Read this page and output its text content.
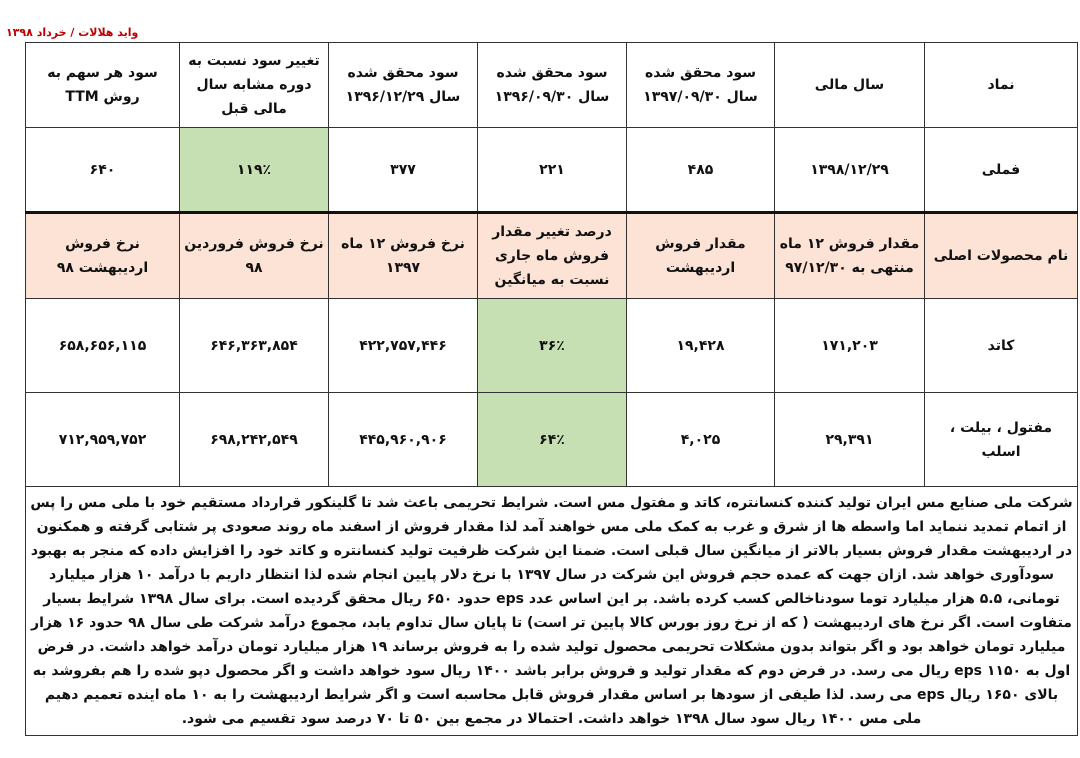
واید هلالات / خرداد ۱۳۹۸
نماد	سال مالی	سود محقق شده سال ۱۳۹۷/۰۹/۳۰	سود محقق شده سال ۱۳۹۶/۰۹/۳۰	سود محقق شده سال ۱۳۹۶/۱۲/۲۹	تغییر سود نسبت به دوره مشابه سال مالی قبل	سود هر سهم به روش TTM
فملی	۱۳۹۸/۱۲/۲۹	۴۸۵	۲۲۱	۳۷۷	۱۱۹٪	۶۴۰
نام محصولات اصلی	مقدار فروش ۱۲ ماه منتهی به ۹۷/۱۲/۳۰	مقدار فروش اردیبهشت	درصد تغییر مقدار فروش ماه جاری نسبت به میانگین	نرخ فروش ۱۲ ماه ۱۳۹۷	نرخ فروش فروردین ۹۸	نرخ فروش اردیبهشت ۹۸
کاتد	۱۷۱,۲۰۳	۱۹,۴۲۸	۳۶٪	۴۲۲,۷۵۷,۴۴۶	۶۴۶,۳۶۳,۸۵۴	۶۵۸,۶۵۶,۱۱۵
مفتول ، بیلت ، اسلب	۲۹,۳۹۱	۴,۰۲۵	۶۴٪	۴۴۵,۹۶۰,۹۰۶	۶۹۸,۲۴۲,۵۴۹	۷۱۲,۹۵۹,۷۵۲
شرکت ملی صنایع مس ایران تولید کننده کنسانتره، کاتد و مفتول مس است. شرایط تحریمی باعث شد تا گلینکور قرارداد مستقیم خود با ملی مس را پس از اتمام تمدید ننماید اما واسطه ها از شرق و غرب به کمک ملی مس خواهند آمد لذا مقدار فروش از اسفند ماه روند صعودی پر شتابی گرفته و همکنون در اردیبهشت مقدار فروش بسیار بالاتر از میانگین سال قبلی است. ضمنا این شرکت ظرفیت تولید کنسانتره و کاتد خود را افزایش داده که منجر به بهبود سودآوری خواهد شد. ازان جهت که عمده حجم فروش این شرکت در سال ۱۳۹۷ با نرخ دلار پایین انجام شده لذا انتظار داریم با درآمد ۱۰ هزار میلیارد تومانی، ۵.۵ هزار میلیارد توما سودناخالص کسب کرده باشد. بر این اساس عدد eps حدود ۶۵۰ ریال محقق گردیده است. برای سال ۱۳۹۸ شرایط بسیار متفاوت است. اگر نرخ های اردیبهشت ( که از نرخ روز بورس کالا پایین تر است) تا پایان سال تداوم یابد، مجموع درآمد شرکت طی سال ۹۸ حدود ۱۶ هزار میلیارد تومان خواهد بود و اگر بتواند بدون مشکلات تحریمی محصول تولید شده را به فروش برساند ۱۹ هزار میلیارد تومان درآمد خواهد داشت. در فرض اول به ۱۱۵۰ eps ریال می رسد. در فرض دوم که مقدار تولید و فروش برابر باشد ۱۴۰۰ ریال سود خواهد داشت و اگر محصول دپو شده را هم بفروشد به بالای ۱۶۵۰ ریال eps می رسد. لذا طیفی از سودها بر اساس مقدار فروش قابل محاسبه است و اگر شرایط اردیبهشت را به ۱۰ ماه اینده تعمیم دهیم ملی مس ۱۴۰۰ ریال سود سال ۱۳۹۸ خواهد داشت. احتمالا در مجمع بین ۵۰ تا ۷۰ درصد سود تقسیم می شود.						
